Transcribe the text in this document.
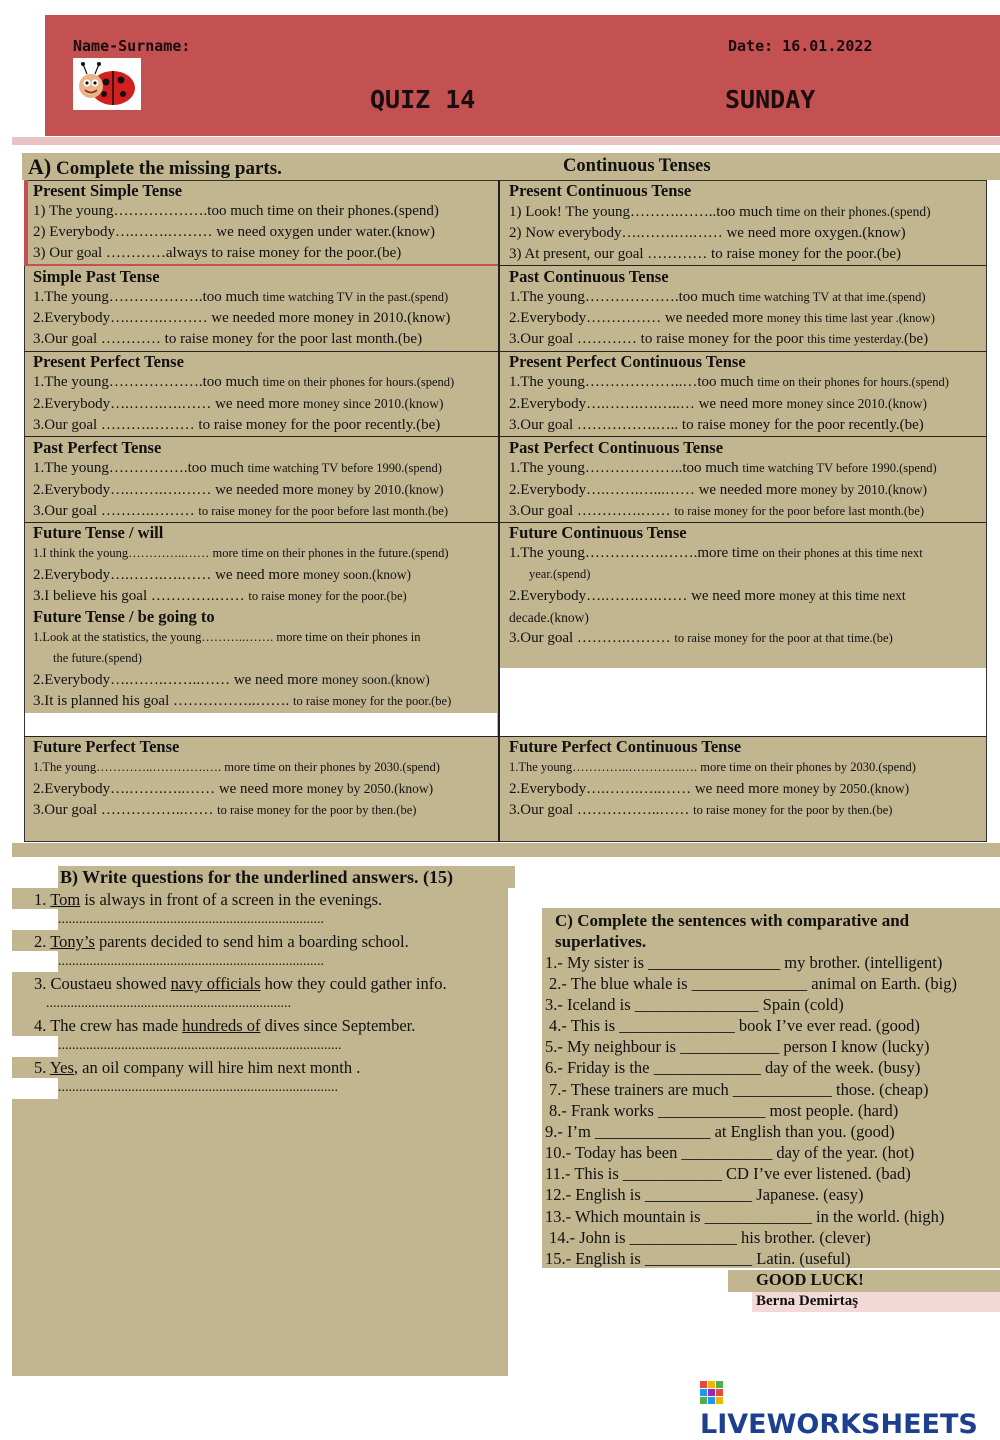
Name-Surname:	Date: 16.01.2022
QUIZ 14	SUNDAY
A) Complete the missing parts.	Continuous Tenses
Present Simple Tense
1) The young……………….too much time on their phones.(spend)
2) Everybody….…….……… we need oxygen under water.(know)
3) Our goal …………always to raise money for the poor.(be)
Present Continuous Tense
1) Look! The young……….……..too much time on their phones.(spend)
2) Now everybody….…….….…… we need more oxygen.(know)
3) At present, our goal ………… to raise money for the poor.(be)
Simple Past Tense
1.The young……………….too much time watching TV in the past.(spend)
2.Everybody….…….……… we needed more money in 2010.(know)
3.Our goal ………… to raise money for the poor last month.(be)
Past Continuous Tense
1.The young……………….too much time watching TV at that ime.(spend)
2.Everybody…………… we needed more money this time last year .(know)
3.Our goal ………… to raise money for the poor this time yesterday.(be)
Present Perfect Tense
1.The young……………….too much time on their phones for hours.(spend)
2.Everybody….…….….…… we need more money since 2010.(know)
3.Our goal ……….……… to raise money for the poor recently.(be)
Present Perfect Continuous Tense
1.The young………………..…too much time on their phones for hours.(spend)
2.Everybody….…….….…..… we need more money since 2010.(know)
3.Our goal …………….….. to raise money for the poor recently.(be)
Past Perfect Tense
1.The young…………….too much time watching TV before 1990.(spend)
2.Everybody….…….….…… we needed more money by 2010.(know)
3.Our goal ……….……… to raise money for the poor before last month.(be)
Past Perfect Continuous Tense
1.The young………………..too much time watching TV before 1990.(spend)
2.Everybody….…….…...…… we needed more money by 2010.(know)
3.Our goal ………….…… to raise money for the poor before last month.(be)
Future Tense / will
1.I think the young…………..…… more time on their phones in the future.(spend)
2.Everybody….…….….…… we need more money soon.(know)
3.I believe his goal ………….…… to raise money for the poor.(be)
Future Tense / be going to
1.Look at the statistics, the young………..……. more time on their phones in
the future.(spend)
2.Everybody….…….……..…… we need more money soon.(know)
3.It is planned his goal ……………..……. to raise money for the poor.(be)
Future Continuous Tense
1.The young…………….…….more time on their phones at this time next
year.(spend)
2.Everybody….…….….…… we need more money at this time next
decade.(know)
3.Our goal ……….……… to raise money for the poor at that time.(be)
Future Perfect Tense
1.The young…………..………….…. more time on their phones by 2030.(spend)
2.Everybody….…….…..…… we need more money by 2050.(know)
3.Our goal ……………..…… to raise money for the poor by then.(be)
Future Perfect Continuous Tense
1.The young…………..………….…. more time on their phones by 2030.(spend)
2.Everybody….…….…..…… we need more money by 2050.(know)
3.Our goal ……………..…… to raise money for the poor by then.(be)
B) Write questions for the underlined answers. (15)
1. Tom is always in front of a screen in the evenings.
............................................................................
2. Tony’s parents decided to send him a boarding school.
............................................................................
3. Coustaeu showed navy officials how they could gather info.
......................................................................
4. The crew has made hundreds of dives since September.
.................................................................................
5. Yes, an oil company will hire him next month .
................................................................................
C) Complete the sentences with comparative and
superlatives.
1.- My sister is ________________ my brother. (intelligent)
2.- The blue whale is ______________ animal on Earth. (big)
3.- Iceland is _______________ Spain (cold)
4.- This is ______________ book I’ve ever read. (good)
5.- My neighbour is ____________ person I know (lucky)
6.- Friday is the _____________ day of the week. (busy)
7.- These trainers are much ____________ those. (cheap)
8.- Frank works _____________ most people. (hard)
9.- I’m ______________ at English than you. (good)
10.- Today has been ___________ day of the year. (hot)
11.- This is ____________ CD I’ve ever listened. (bad)
12.- English is _____________ Japanese. (easy)
13.- Which mountain is _____________ in the world. (high)
14.- John is _____________ his brother. (clever)
15.- English is _____________ Latin. (useful)
GOOD LUCK!
Berna Demirtaş
LIVEWORKSHEETS
